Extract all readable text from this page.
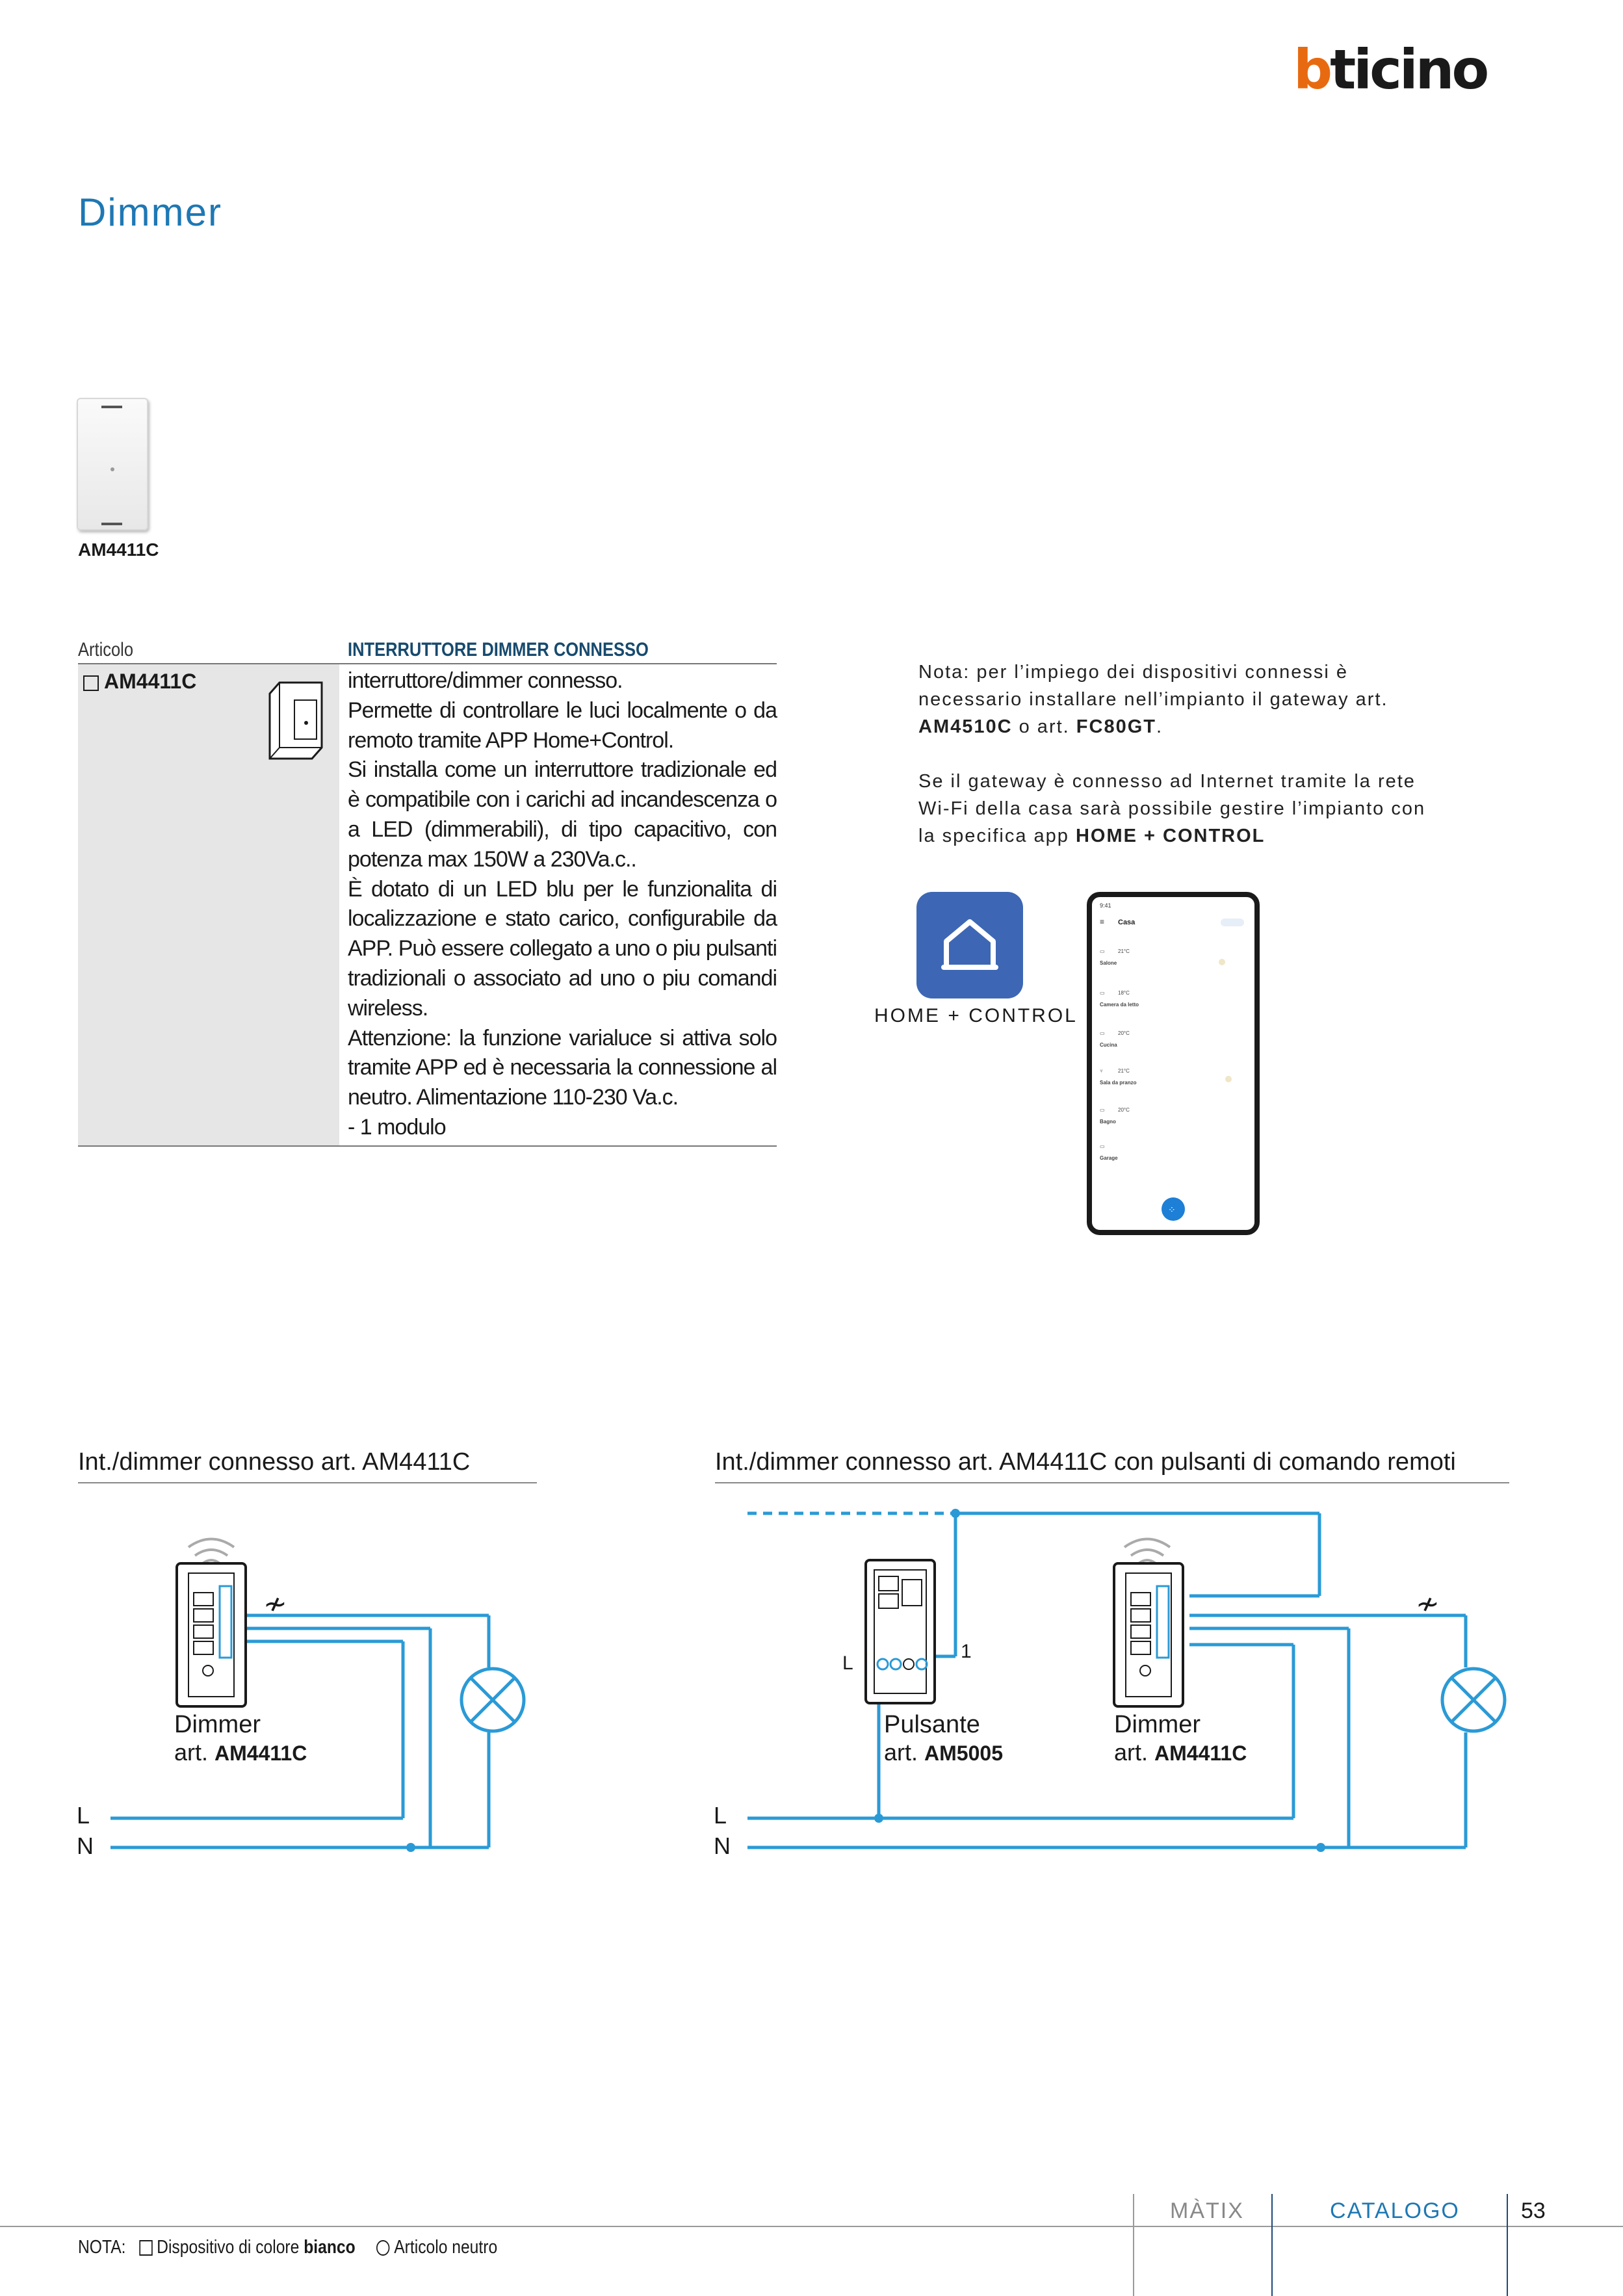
bticino
Dimmer
AM4411C
Articolo	INTERRUTTORE DIMMER CONNESSO
AM4411C	interruttore/dimmer connesso.

Permette di controllare le luci localmente o da remoto tramite APP Home+Control.

Si installa come un interruttore tradizionale ed è compatibile con i carichi ad incandescenza o a LED (dimmerabili), di tipo capacitivo, con potenza max 150W a 230Va.c..

È dotato di un LED blu per le funzionalita di localizzazione e stato carico, configurabile da APP. Può essere collegato a uno o piu pulsanti tradizionali o associato ad uno o piu comandi wireless.

Attenzione: la funzione varialuce si attiva solo tramite APP ed è necessaria la connessione al neutro. Alimentazione 110-230 Va.c.

- 1 modulo

Nota: per l’impiego dei dispositivi connessi è necessario installare nell’impianto il gateway art. AM4510C o art. FC80GT.

Se il gateway è connesso ad Internet tramite la rete Wi-Fi della casa sarà possibile gestire l’impianto con la specifica app HOME + CONTROL

HOME + CONTROL
9:41
≡ Casa
▭	21°C
Salone
▭	18°C
Camera da letto
▭	20°C
Cucina
⑂	21°C
Sala da pranzo
▭	20°C
Bagno
▭
Garage
⁘
Int./dimmer connesso art. AM4411C
≁
Dimmer
art. AM4411C
L
N
Int./dimmer connesso art. AM4411C con pulsanti di comando remoti
≁
L
1
Pulsante
art. AM5005
Dimmer
art. AM4411C
L
N
MÀTIX	CATALOGO	53
NOTA: Dispositivo di colore bianco Articolo neutro
